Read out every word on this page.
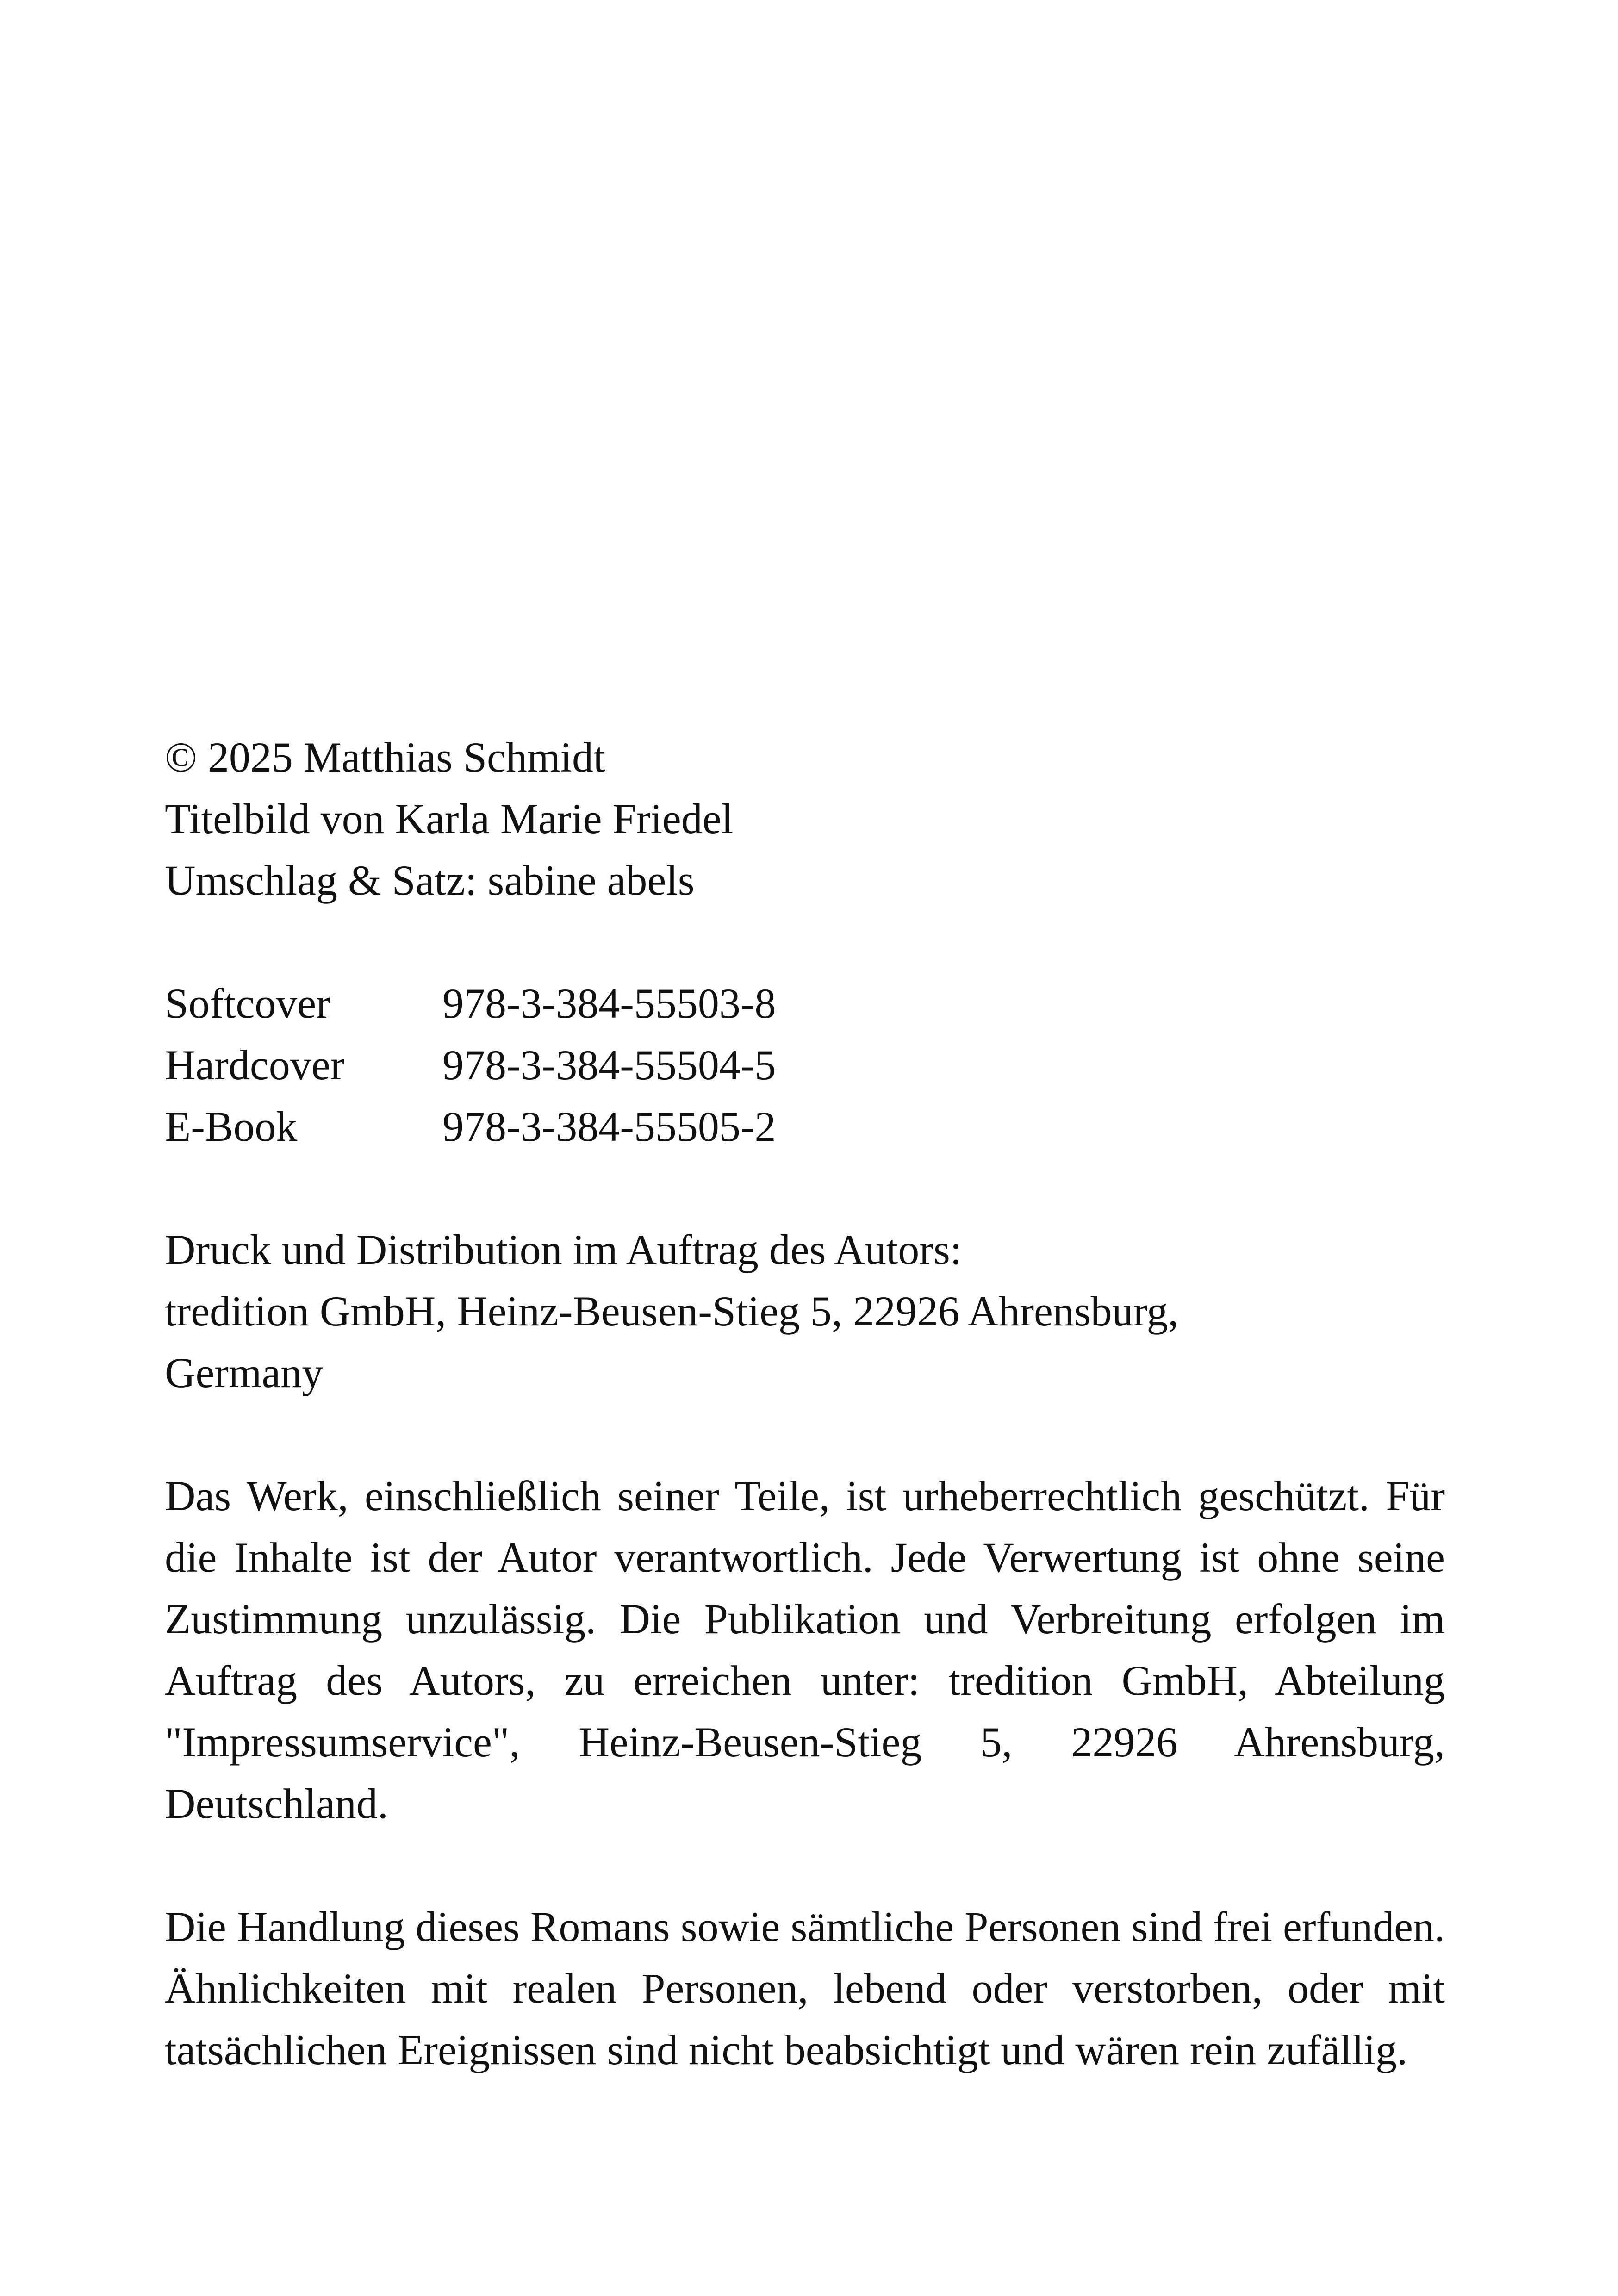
© 2025 Matthias Schmidt
Titelbild von Karla Marie Friedel
Umschlag & Satz: sabine abels
Softcover	978-3-384-55503-8
Hardcover 978-3-384-55504-5
E-Book	978-3-384-55505-2
Druck und Distribution im Auftrag des Autors:
tredition GmbH, Heinz-Beusen-Stieg 5, 22926 Ahrensburg,
Germany

Das Werk, einschließlich seiner Teile, ist urheberrechtlich geschützt. Für die Inhalte ist der Autor verantwortlich. Jede Verwertung ist ohne seine Zustimmung unzulässig. Die Publikation und Verbreitung erfolgen im Auftrag des Autors, zu erreichen unter: tredition GmbH, Abteilung "Impressumservice", Heinz-Beusen-Stieg 5, 22926 Ahrensburg, Deutschland.

Die Handlung dieses Romans sowie sämtliche Personen sind frei erfunden. Ähnlichkeiten mit realen Personen, lebend oder verstorben, oder mit tatsächlichen Ereignissen sind nicht beabsichtigt und wären rein zufällig.
